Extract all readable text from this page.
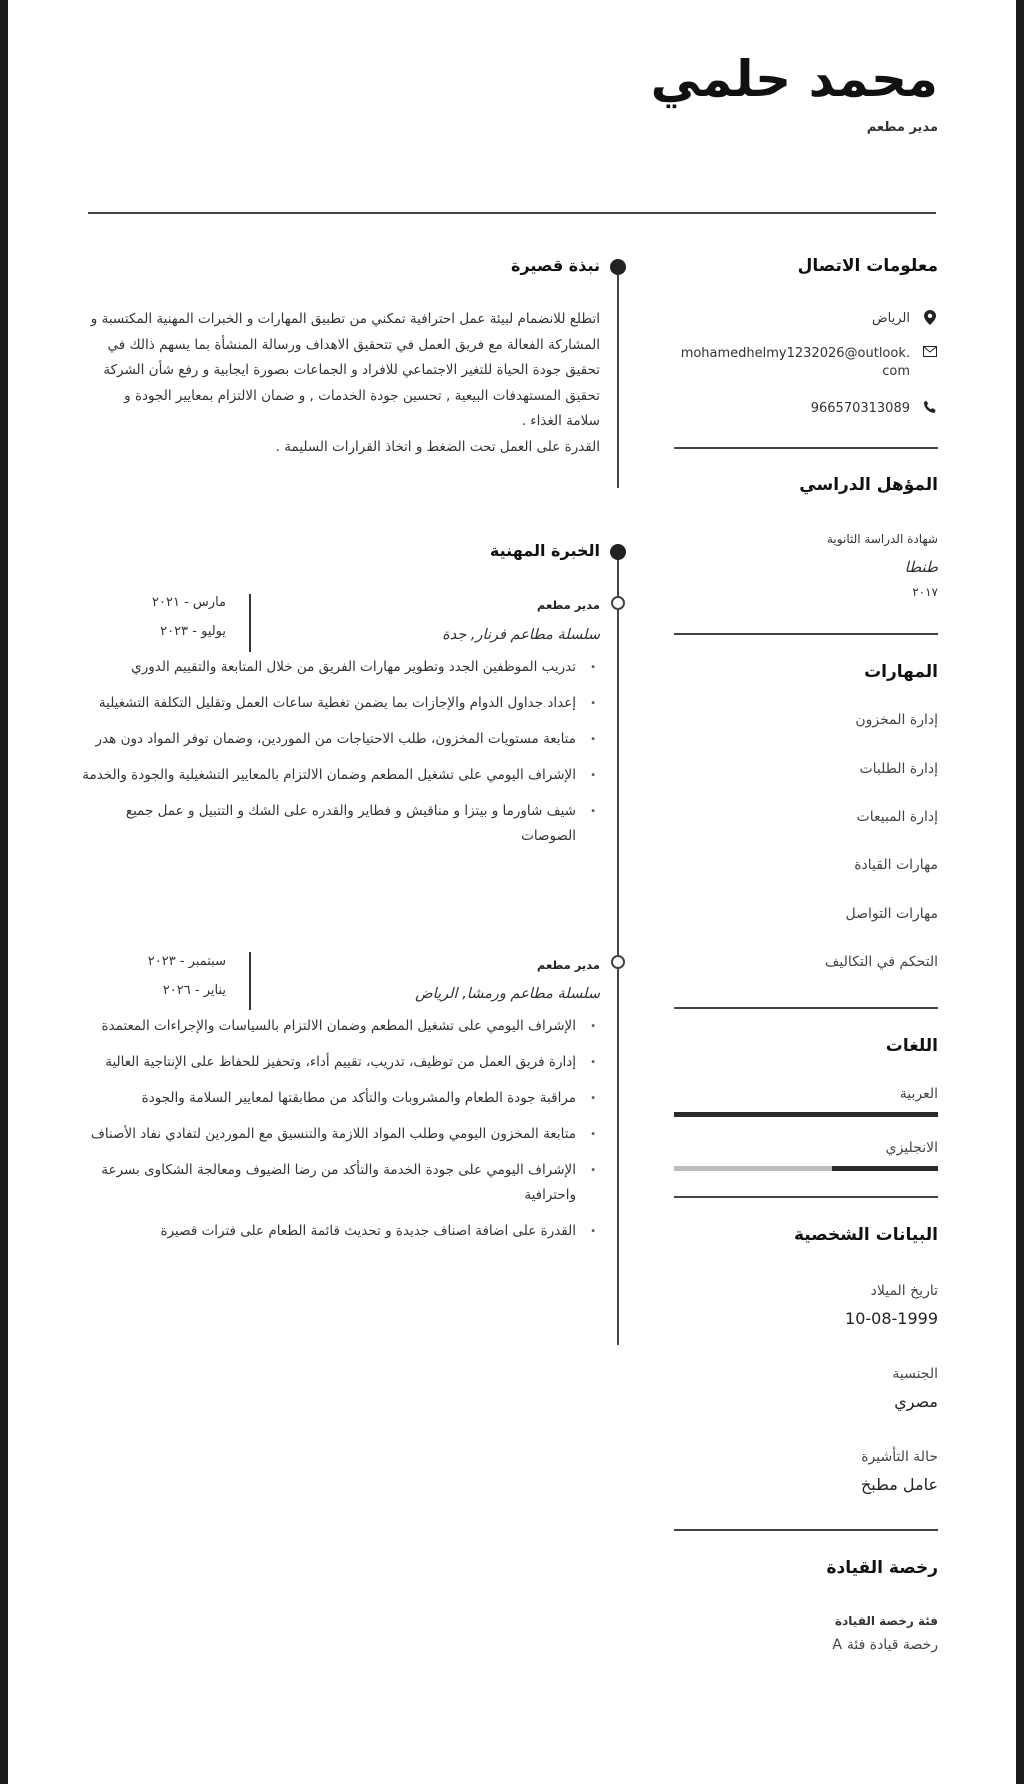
محمد حلمي
مدير مطعم
معلومات الاتصال
الرياض
mohamedhelmy1232026@outlook.com
966570313089
المؤهل الدراسي
شهادة الدراسة الثانوية
طنطا
٢٠١٧
المهارات
إدارة المخزون
إدارة الطلبات
إدارة المبيعات
مهارات القيادة
مهارات التواصل
التحكم في التكاليف
اللغات
العربية
الانجليزي
البيانات الشخصية
تاريخ الميلاد
10-08-1999
الجنسية
مصري
حالة التأشيرة
عامل مطبخ
رخصة القيادة
فئة رخصة القيادة
رخصة قيادة فئة A
نبذة قصيرة

اتطلع للانضمام لبيئة عمل احترافية تمكني من تطبيق المهارات و الخبرات المهنية المكتسبة و المشاركة الفعالة مع فريق العمل في تتحقيق الاهداف ورسالة المنشأة بما يسهم ذالك في تحقيق جودة الحياة للتغير الاجتماعي للافراد و الجماعات بصورة ايجابية و رفع شأن الشركة

تحقيق المستهدفات البيعية , تحسين جودة الخدمات , و ضمان الالتزام بمعايير الجودة و سلامة الغذاء .

القدرة على العمل تحت الضغط و اتخاذ القرارات السليمة .

الخبرة المهنية
مدير مطعم
سلسلة مطاعم فرنار, جدة
مارس - ٢٠٢١
يوليو - ٢٠٢٣
• تدريب الموظفين الجدد وتطوير مهارات الفريق من خلال المتابعة والتقييم الدوري
• إعداد جداول الدوام والإجازات بما يضمن تغطية ساعات العمل وتقليل التكلفة التشغيلية
• متابعة مستويات المخزون، طلب الاحتياجات من الموردين، وضمان توفر المواد دون هدر
• الإشراف اليومي على تشغيل المطعم وضمان الالتزام بالمعايير التشغيلية والجودة والخدمة
• شيف شاورما و بيتزا و مناقيش و فطاير والقدره على الشك و التتبيل و عمل جميع الصوصات
مدير مطعم
سلسلة مطاعم ورمشا, الرياض
سبتمبر - ٢٠٢٣
يناير - ٢٠٢٦
• الإشراف اليومي على تشغيل المطعم وضمان الالتزام بالسياسات والإجراءات المعتمدة
• إدارة فريق العمل من توظيف، تدريب، تقييم أداء، وتحفيز للحفاظ على الإنتاجية العالية
• مراقبة جودة الطعام والمشروبات والتأكد من مطابقتها لمعايير السلامة والجودة
• متابعة المخزون اليومي وطلب المواد اللازمة والتنسيق مع الموردين لتفادي نفاد الأصناف
• الإشراف اليومي على جودة الخدمة والتأكد من رضا الضيوف ومعالجة الشكاوى بسرعة واحترافية
• القدرة على اضافة اصناف جديدة و تحديث قائمة الطعام على فترات قصيرة
